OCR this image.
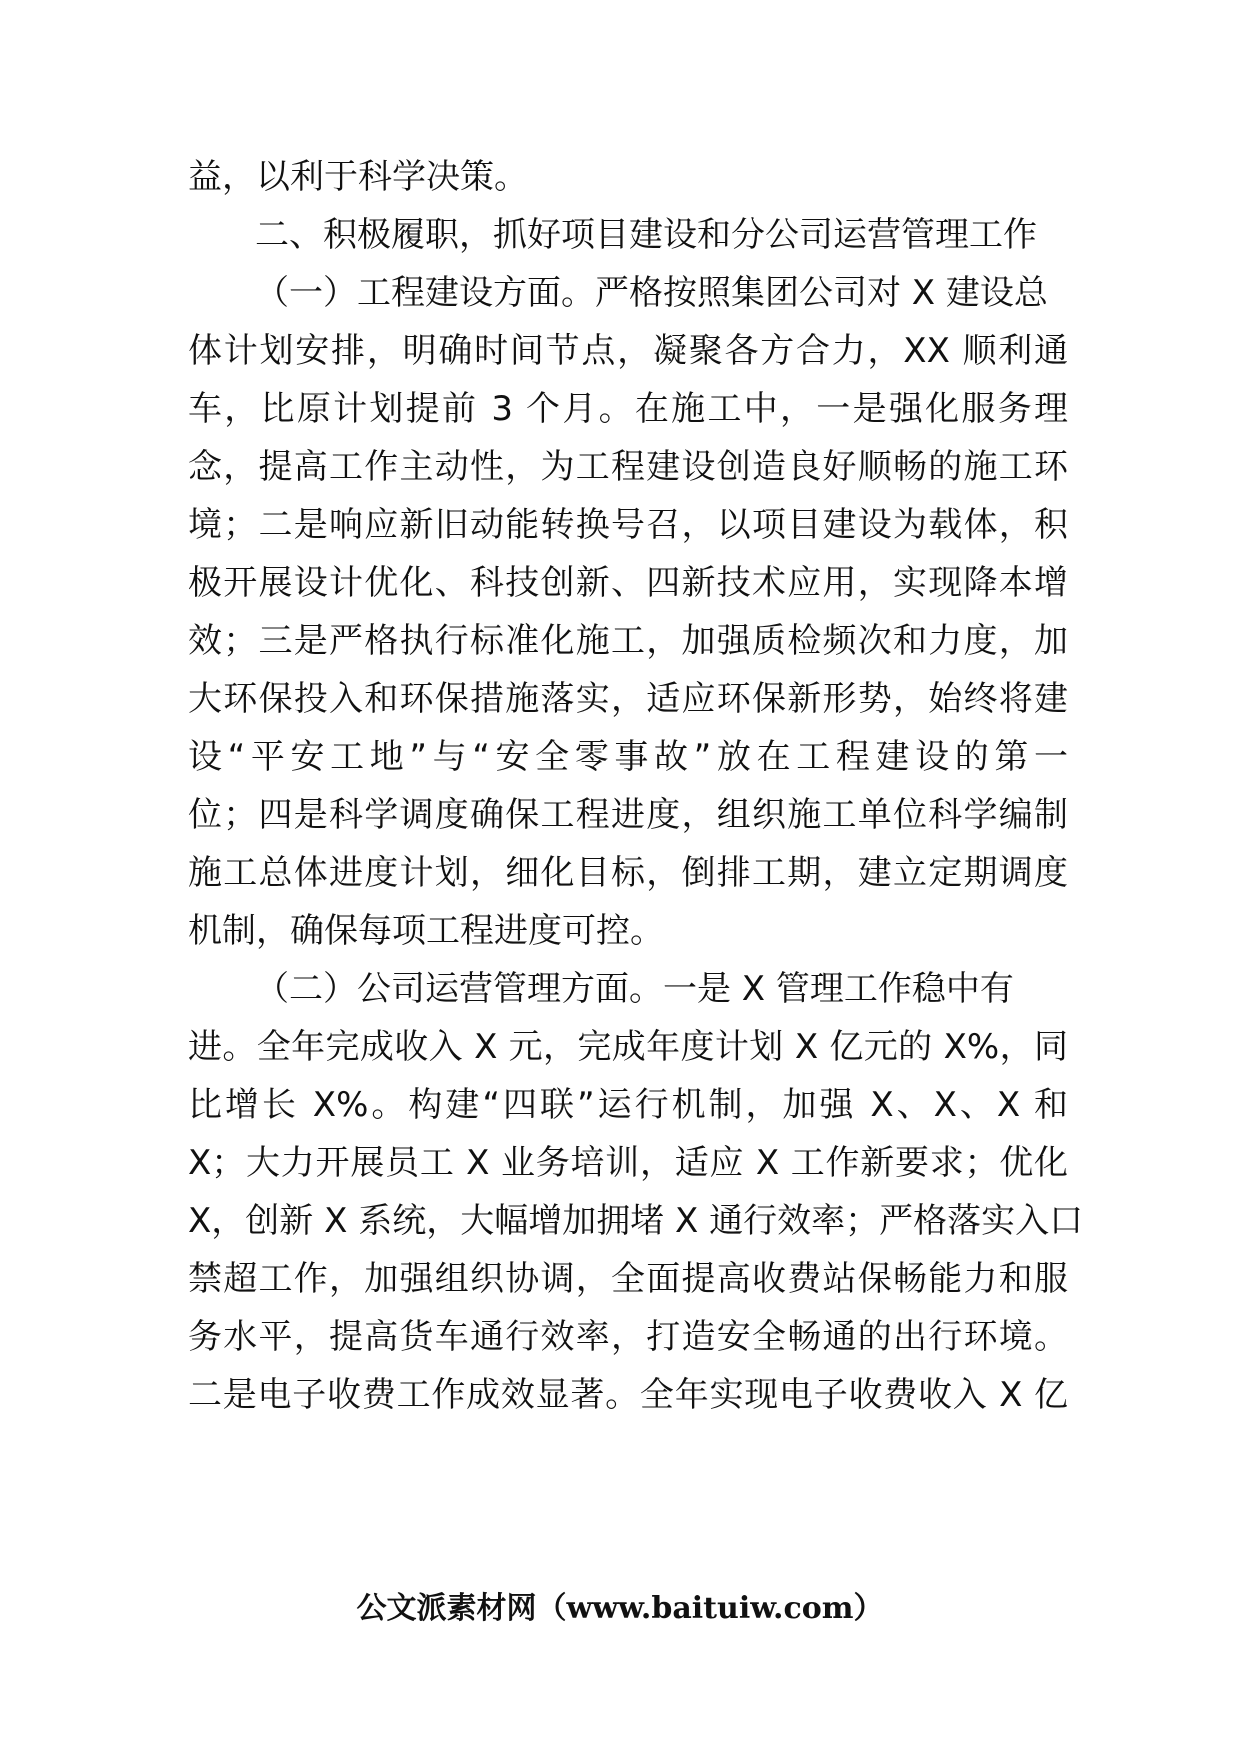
益，以利于科学决策。
二、积极履职，抓好项目建设和分公司运营管理工作
（一）工程建设方面。严格按照集团公司对 X 建设总
体计划安排，明确时间节点，凝聚各方合力，XX 顺利通
车，比原计划提前 3 个月。在施工中，一是强化服务理
念，提高工作主动性，为工程建设创造良好顺畅的施工环
境；二是响应新旧动能转换号召，以项目建设为载体，积
极开展设计优化、科技创新、四新技术应用，实现降本增
效；三是严格执行标准化施工，加强质检频次和力度，加
大环保投入和环保措施落实，适应环保新形势，始终将建
设“平安工地”与“安全零事故”放在工程建设的第一
位；四是科学调度确保工程进度，组织施工单位科学编制
施工总体进度计划，细化目标，倒排工期，建立定期调度
机制，确保每项工程进度可控。
（二）公司运营管理方面。一是 X 管理工作稳中有
进。全年完成收入 X 元，完成年度计划 X 亿元的 X%，同
比增长 X%。构建“四联”运行机制，加强 X、X、X 和
X；大力开展员工 X 业务培训，适应 X 工作新要求；优化
X，创新 X 系统，大幅增加拥堵 X 通行效率；严格落实入口
禁超工作，加强组织协调，全面提高收费站保畅能力和服
务水平，提高货车通行效率，打造安全畅通的出行环境。
二是电子收费工作成效显著。全年实现电子收费收入 X 亿
公文派素材网（www.baituiw.com）
